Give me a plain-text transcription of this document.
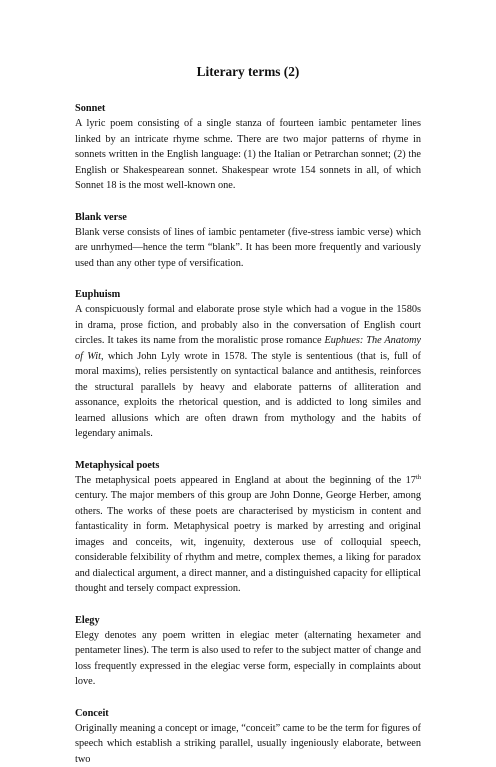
Literary terms (2)

Sonnet

A lyric poem consisting of a single stanza of fourteen iambic pentameter lines linked by an intricate rhyme schme. There are two major patterns of rhyme in sonnets written in the English language: (1) the Italian or Petrarchan sonnet; (2) the English or Shakespearean sonnet. Shakespear wrote 154 sonnets in all, of which Sonnet 18 is the most well-known one.

Blank verse

Blank verse consists of lines of iambic pentameter (five-stress iambic verse) which are unrhymed—hence the term “blank”. It has been more frequently and variously used than any other type of versification.

Euphuism

A conspicuously formal and elaborate prose style which had a vogue in the 1580s in drama, prose fiction, and probably also in the conversation of English court circles. It takes its name from the moralistic prose romance Euphues: The Anatomy of Wit, which John Lyly wrote in 1578. The style is sententious (that is, full of moral maxims), relies persistently on syntactical balance and antithesis, reinforces the structural parallels by heavy and elaborate patterns of alliteration and assonance, exploits the rhetorical question, and is addicted to long similes and learned allusions which are often drawn from mythology and the habits of legendary animals.

Metaphysical poets

The metaphysical poets appeared in England at about the beginning of the 17th century. The major members of this group are John Donne, George Herber, among others. The works of these poets are characterised by mysticism in content and fantasticality in form. Metaphysical poetry is marked by arresting and original images and conceits, wit, ingenuity, dexterous use of colloquial speech, considerable felxibility of rhythm and metre, complex themes, a liking for paradox and dialectical argument, a direct manner, and a distinguished capacity for elliptical thought and tersely compact expression.

Elegy

Elegy denotes any poem written in elegiac meter (alternating hexameter and pentameter lines). The term is also used to refer to the subject matter of change and loss frequently expressed in the elegiac verse form, especially in complaints about love.

Conceit

Originally meaning a concept or image, “conceit” came to be the term for figures of speech which establish a striking parallel, usually ingeniously elaborate, between two
